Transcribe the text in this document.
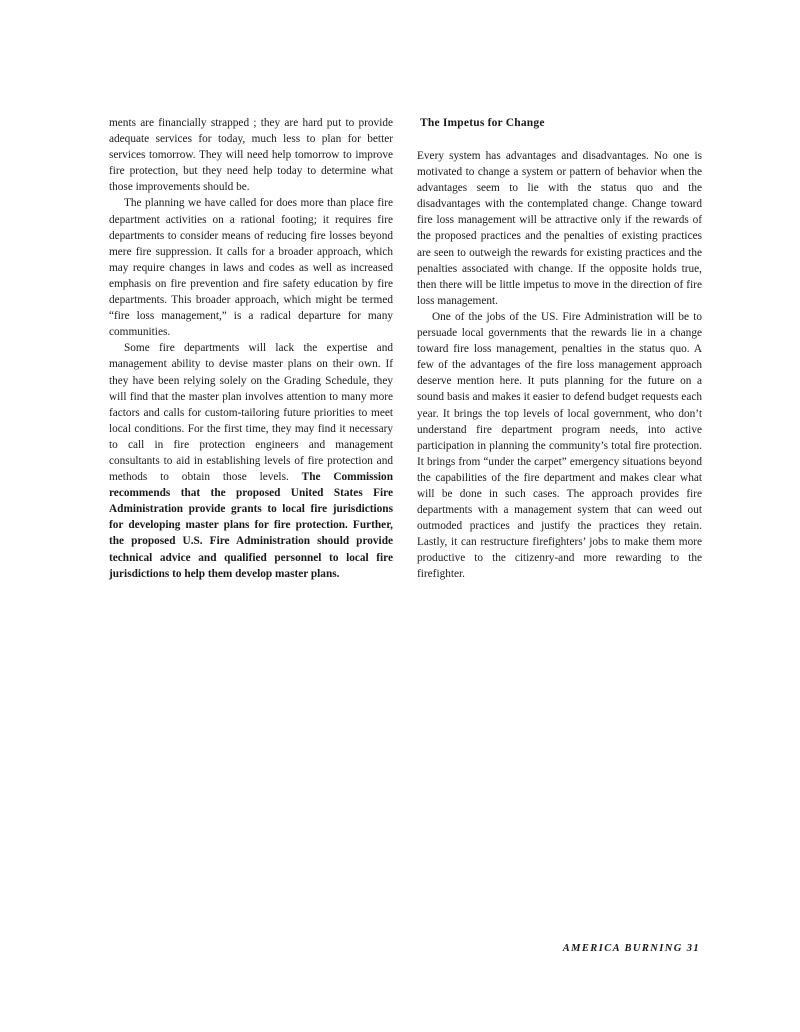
ments are financially strapped ; they are hard put to provide adequate services for today, much less to plan for better services tomorrow. They will need help tomorrow to improve fire protection, but they need help today to determine what those improvements should be.

The planning we have called for does more than place fire department activities on a rational footing; it requires fire departments to consider means of reducing fire losses beyond mere fire suppression. It calls for a broader approach, which may require changes in laws and codes as well as increased emphasis on fire prevention and fire safety education by fire departments. This broader approach, which might be termed “fire loss management,” is a radical departure for many communities.

Some fire departments will lack the expertise and management ability to devise master plans on their own. If they have been relying solely on the Grading Schedule, they will find that the master plan involves attention to many more factors and calls for custom-tailoring future priorities to meet local conditions. For the first time, they may find it necessary to call in fire protection engineers and management consultants to aid in establishing levels of fire protection and methods to obtain those levels. The Commission recommends that the proposed United States Fire Administration provide grants to local fire jurisdictions for developing master plans for fire protection. Further, the proposed U.S. Fire Administration should provide technical advice and qualified personnel to local fire jurisdictions to help them develop master plans.

The Impetus for Change

Every system has advantages and disadvantages. No one is motivated to change a system or pattern of behavior when the advantages seem to lie with the status quo and the disadvantages with the contemplated change. Change toward fire loss management will be attractive only if the rewards of the proposed practices and the penalties of existing practices are seen to outweigh the rewards for existing practices and the penalties associated with change. If the opposite holds true, then there will be little impetus to move in the direction of fire loss management.

One of the jobs of the US. Fire Administration will be to persuade local governments that the rewards lie in a change toward fire loss management, penalties in the status quo. A few of the advantages of the fire loss management approach deserve mention here. It puts planning for the future on a sound basis and makes it easier to defend budget requests each year. It brings the top levels of local government, who don’t understand fire department program needs, into active participation in planning the community’s total fire protection. It brings from “under the carpet” emergency situations beyond the capabilities of the fire department and makes clear what will be done in such cases. The approach provides fire departments with a management system that can weed out outmoded practices and justify the practices they retain. Lastly, it can restructure firefighters’ jobs to make them more productive to the citizenry-and more rewarding to the firefighter.

AMERICA BURNING 31
